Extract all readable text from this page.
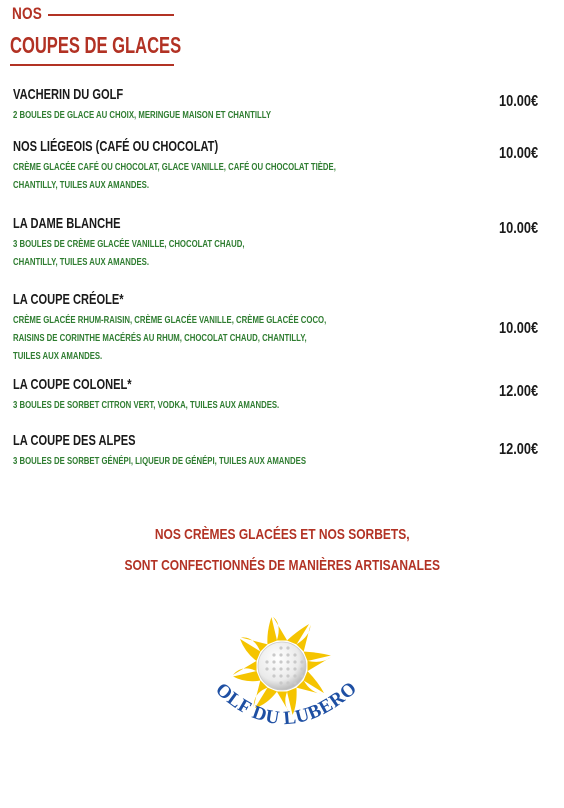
NOS
COUPES DE GLACES
VACHERIN DU GOLF
2 BOULES DE GLACE AU CHOIX, MERINGUE MAISON ET CHANTILLY
10.00€
NOS LIÉGEOIS (CAFÉ OU CHOCOLAT)
CRÈME GLACÉE CAFÉ OU CHOCOLAT, GLACE VANILLE, CAFÉ OU CHOCOLAT TIÈDE,
CHANTILLY, TUILES AUX AMANDES.
10.00€
LA DAME BLANCHE
3 BOULES DE CRÈME GLACÉE VANILLE, CHOCOLAT CHAUD,
CHANTILLY, TUILES AUX AMANDES.
10.00€
LA COUPE CRÉOLE*
CRÈME GLACÉE RHUM-RAISIN, CRÈME GLACÉE VANILLE, CRÈME GLACÉE COCO,
RAISINS DE CORINTHE MACÉRÉS AU RHUM, CHOCOLAT CHAUD, CHANTILLY,
TUILES AUX AMANDES.
10.00€
LA COUPE COLONEL*
3 BOULES DE SORBET CITRON VERT, VODKA, TUILES AUX AMANDES.
12.00€
LA COUPE DES ALPES
3 BOULES DE SORBET GÉNÉPI, LIQUEUR DE GÉNÉPI, TUILES AUX AMANDES
12.00€
NOS CRÈMES GLACÉES ET NOS SORBETS,
SONT CONFECTIONNÉS DE MANIÈRES ARTISANALES
OLF DU LUBERO
